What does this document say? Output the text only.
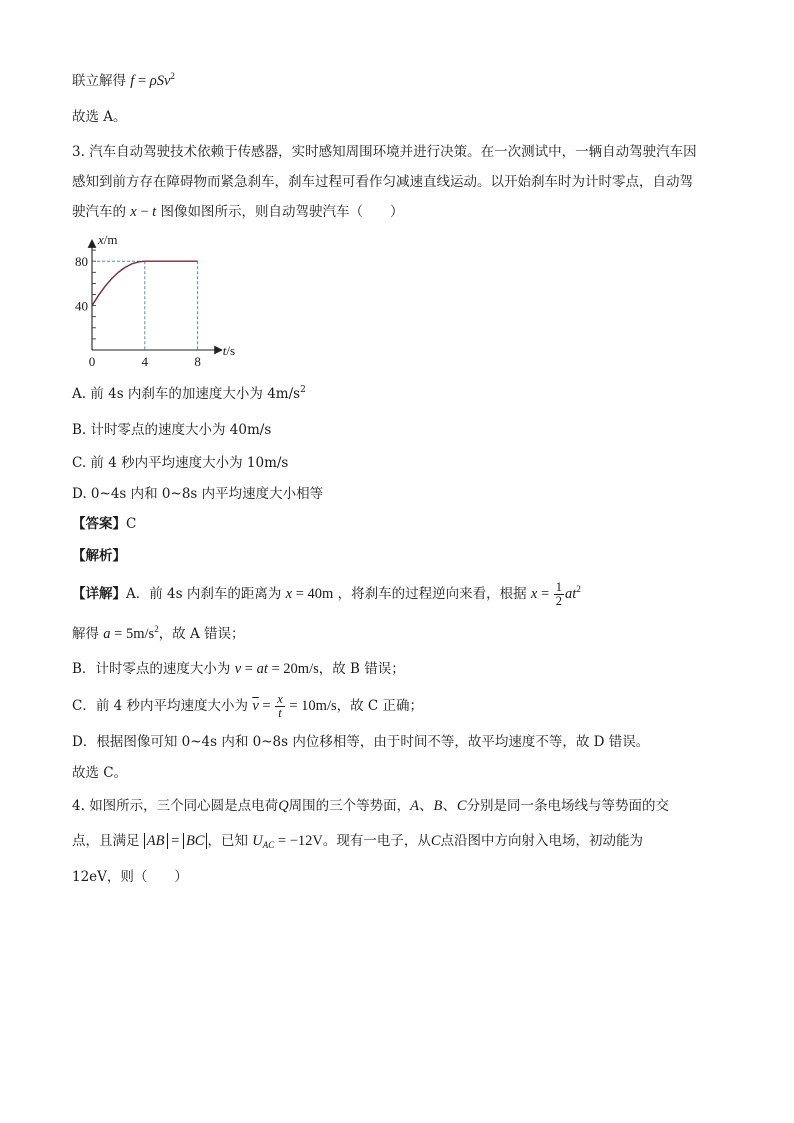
联立解得 f = ρSv$^2$
故选 A。
3. 汽车自动驾驶技术依赖于传感器，实时感知周围环境并进行决策。在一次测试中，一辆自动驾驶汽车因
感知到前方存在障碍物而紧急刹车，刹车过程可看作匀减速直线运动。以开始刹车时为计时零点，自动驾
驶汽车的 x − t 图像如图所示，则自动驾驶汽车（　　）
x/m
t/s
0	4	8
40
80
A. 前 4s 内刹车的加速度大小为 $4m/s^2$
B. 计时零点的速度大小为 40m/s
C. 前 4 秒内平均速度大小为 10m/s
D. 0~4s 内和 0~8s 内平均速度大小相等
【答案】C
【解析】
【详解】A．前 4s 内刹车的距离为 x = 40m ，将刹车的过程逆向来看，根据 $x = \frac{1}{2} at^2$
解得 $a = 5m/s^2$，故 A 错误；
B．计时零点的速度大小为 v = at = 20m/s，故 B 错误；
C．前 4 秒内平均速度大小为 $\overline{v} = \frac{x}{t} = 10m/s$，故 C 正确；
D．根据图像可知 0~4s 内和 0~8s 内位移相等，由于时间不等，故平均速度不等，故 D 错误。
故选 C。
4. 如图所示，三个同心圆是点电荷Q周围的三个等势面，A、B、C分别是同一条电场线与等势面的交
点，且满足 AB = BC ，已知 $U_{AC} = -12V$。现有一电子，从C点沿图中方向射入电场，初动能为
12eV，则（　　）
